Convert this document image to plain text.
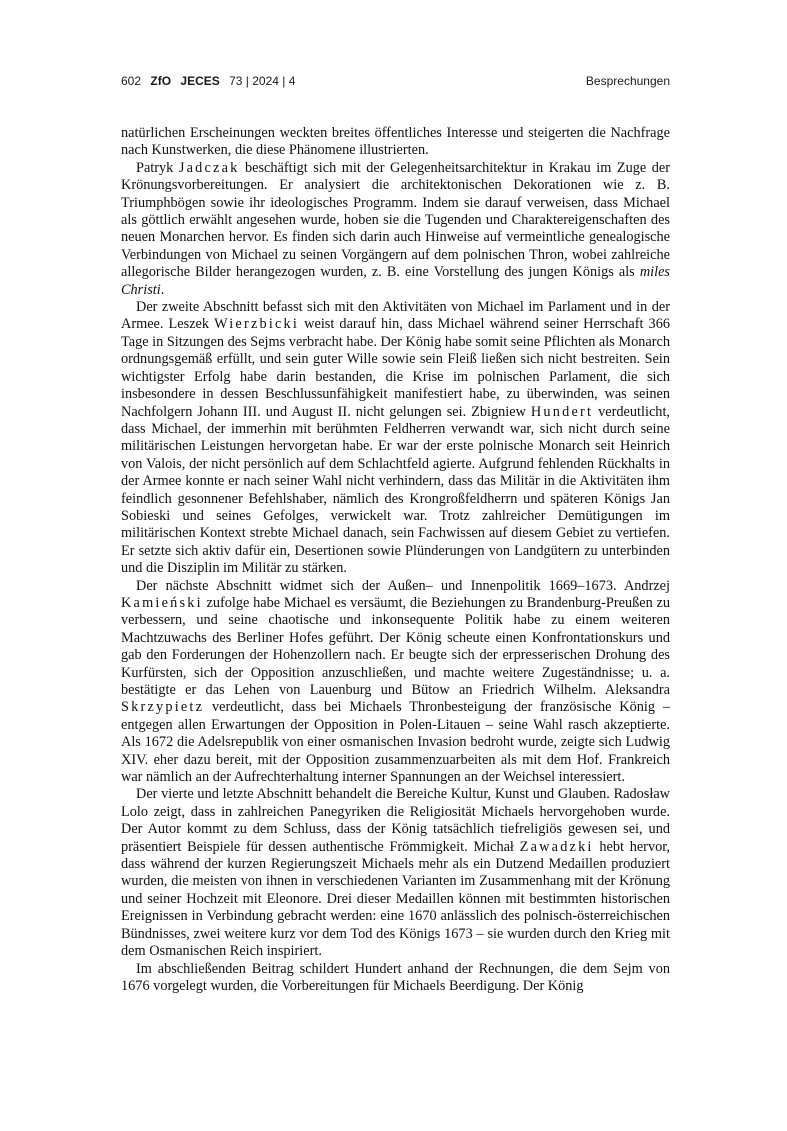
602 ZfO JECES 73 | 2024 | 4	Besprechungen

natürlichen Erscheinungen weckten breites öffentliches Interesse und steigerten die Nachfrage nach Kunstwerken, die diese Phänomene illustrierten.

Patryk Jadczak beschäftigt sich mit der Gelegenheitsarchitektur in Krakau im Zuge der Krönungsvorbereitungen. Er analysiert die architektonischen Dekorationen wie z. B. Triumphbögen sowie ihr ideologisches Programm. Indem sie darauf verweisen, dass Michael als göttlich erwählt angesehen wurde, hoben sie die Tugenden und Charaktereigenschaften des neuen Monarchen hervor. Es finden sich darin auch Hinweise auf vermeintliche genealogische Verbindungen von Michael zu seinen Vorgängern auf dem polnischen Thron, wobei zahlreiche allegorische Bilder herangezogen wurden, z. B. eine Vorstellung des jungen Königs als miles Christi.

Der zweite Abschnitt befasst sich mit den Aktivitäten von Michael im Parlament und in der Armee. Leszek Wierzbicki weist darauf hin, dass Michael während seiner Herrschaft 366 Tage in Sitzungen des Sejms verbracht habe. Der König habe somit seine Pflichten als Monarch ordnungsgemäß erfüllt, und sein guter Wille sowie sein Fleiß ließen sich nicht bestreiten. Sein wichtigster Erfolg habe darin bestanden, die Krise im polnischen Parlament, die sich insbesondere in dessen Beschlussunfähigkeit manifestiert habe, zu überwinden, was seinen Nachfolgern Johann III. und August II. nicht gelungen sei. Zbigniew Hundert verdeutlicht, dass Michael, der immerhin mit berühmten Feldherren verwandt war, sich nicht durch seine militärischen Leistungen hervorgetan habe. Er war der erste polnische Monarch seit Heinrich von Valois, der nicht persönlich auf dem Schlachtfeld agierte. Aufgrund fehlenden Rückhalts in der Armee konnte er nach seiner Wahl nicht verhindern, dass das Militär in die Aktivitäten ihm feindlich gesonnener Befehlshaber, nämlich des Krongroßfeldherrn und späteren Königs Jan Sobieski und seines Gefolges, verwickelt war. Trotz zahlreicher Demütigungen im militärischen Kontext strebte Michael danach, sein Fachwissen auf diesem Gebiet zu vertiefen. Er setzte sich aktiv dafür ein, Desertionen sowie Plünderungen von Landgütern zu unterbinden und die Disziplin im Militär zu stärken.

Der nächste Abschnitt widmet sich der Außen– und Innenpolitik 1669–1673. Andrzej Kamieński zufolge habe Michael es versäumt, die Beziehungen zu Brandenburg-Preußen zu verbessern, und seine chaotische und inkonsequente Politik habe zu einem weiteren Machtzuwachs des Berliner Hofes geführt. Der König scheute einen Konfrontationskurs und gab den Forderungen der Hohenzollern nach. Er beugte sich der erpresserischen Drohung des Kurfürsten, sich der Opposition anzuschließen, und machte weitere Zugeständnisse; u. a. bestätigte er das Lehen von Lauenburg und Bütow an Friedrich Wilhelm. Aleksandra Skrzypietz verdeutlicht, dass bei Michaels Thronbesteigung der französische König – entgegen allen Erwartungen der Opposition in Polen-Litauen – seine Wahl rasch akzeptierte. Als 1672 die Adelsrepublik von einer osmanischen Invasion bedroht wurde, zeigte sich Ludwig XIV. eher dazu bereit, mit der Opposition zusammenzuarbeiten als mit dem Hof. Frankreich war nämlich an der Aufrechterhaltung interner Spannungen an der Weichsel interessiert.

Der vierte und letzte Abschnitt behandelt die Bereiche Kultur, Kunst und Glauben. Radosław Lolo zeigt, dass in zahlreichen Panegyriken die Religiosität Michaels hervorgehoben wurde. Der Autor kommt zu dem Schluss, dass der König tatsächlich tiefreligiös gewesen sei, und präsentiert Beispiele für dessen authentische Frömmigkeit. Michał Zawadzki hebt hervor, dass während der kurzen Regierungszeit Michaels mehr als ein Dutzend Medaillen produziert wurden, die meisten von ihnen in verschiedenen Varianten im Zusammenhang mit der Krönung und seiner Hochzeit mit Eleonore. Drei dieser Medaillen können mit bestimmten historischen Ereignissen in Verbindung gebracht werden: eine 1670 anlässlich des polnisch-österreichischen Bündnisses, zwei weitere kurz vor dem Tod des Königs 1673 – sie wurden durch den Krieg mit dem Osmanischen Reich inspiriert.

Im abschließenden Beitrag schildert Hundert anhand der Rechnungen, die dem Sejm von 1676 vorgelegt wurden, die Vorbereitungen für Michaels Beerdigung. Der König
